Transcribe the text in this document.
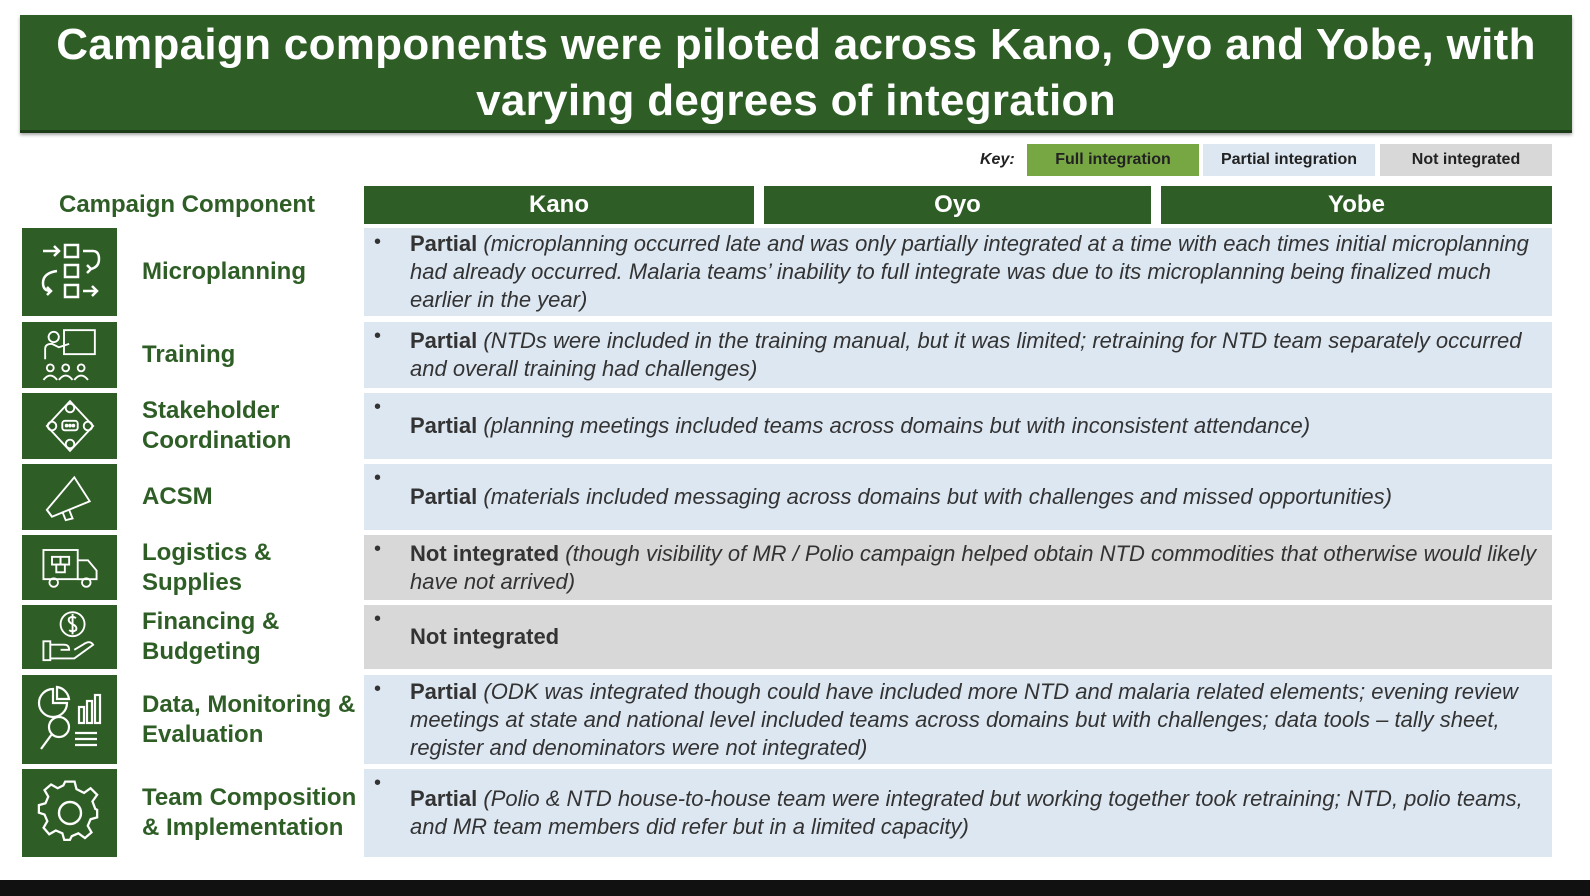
Campaign components were piloted across Kano, Oyo and Yobe, with varying degrees of integration
Key:	Full integration	Partial integration	Not integrated
Campaign Component	Kano	Oyo	Yobe
Microplanning
•	Partial (microplanning occurred late and was only partially integrated at a time with each times initial microplanning had already occurred. Malaria teams’ inability to full integrate was due to its microplanning being finalized much earlier in the year)
Training
•	Partial (NTDs were included in the training manual, but it was limited; retraining for NTD team separately occurred and overall training had challenges)
Stakeholder Coordination
•
Partial (planning meetings included teams across domains but with inconsistent attendance)
ACSM
•
Partial (materials included messaging across domains but with challenges and missed opportunities)
Logistics & Supplies
•	Not integrated (though visibility of MR / Polio campaign helped obtain NTD commodities that otherwise would likely have not arrived)
Financing & Budgeting
•
Not integrated
Data, Monitoring & Evaluation
•	Partial (ODK was integrated though could have included more NTD and malaria related elements; evening review meetings at state and national level included teams across domains but with challenges; data tools – tally sheet, register and denominators were not integrated)
Team Composition & Implementation
•
Partial (Polio & NTD house-to-house team were integrated but working together took retraining; NTD, polio teams, and MR team members did refer but in a limited capacity)
